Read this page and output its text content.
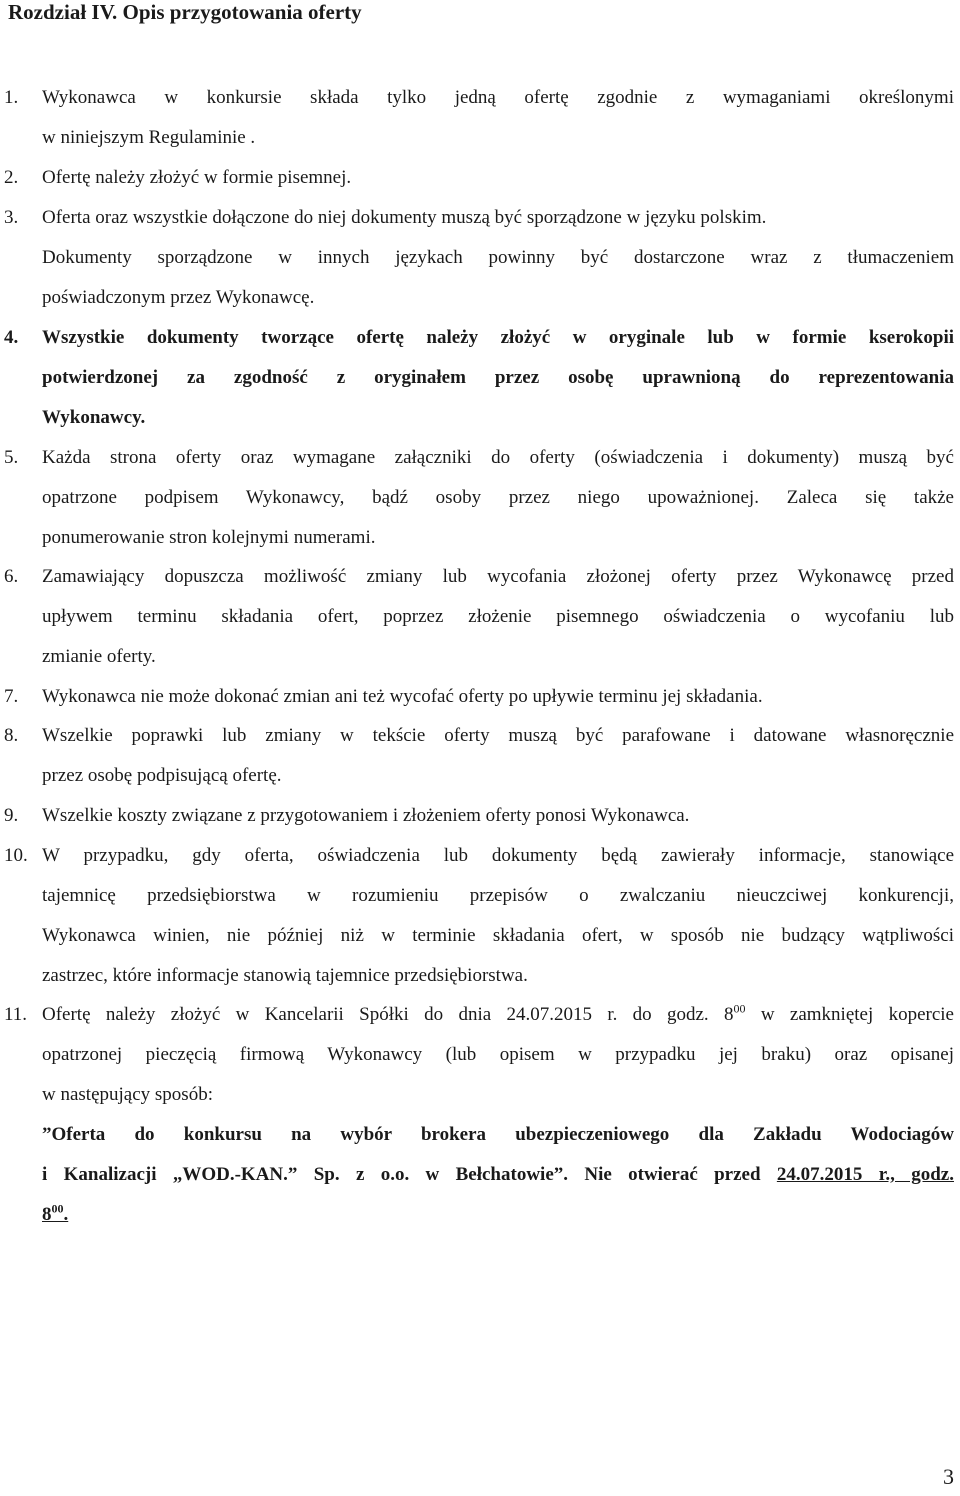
Rozdział IV. Opis przygotowania oferty
1. Wykonawca w konkursie składa tylko jedną ofertę zgodnie z wymaganiami określonymi
w niniejszym Regulaminie .
2. Ofertę należy złożyć w formie pisemnej.
3. Oferta oraz wszystkie dołączone do niej dokumenty muszą być sporządzone w języku polskim.
Dokumenty sporządzone w innych językach powinny być dostarczone wraz z tłumaczeniem
poświadczonym przez Wykonawcę.
4. Wszystkie dokumenty tworzące ofertę należy złożyć w oryginale lub w formie kserokopii
potwierdzonej za zgodność z oryginałem przez osobę uprawnioną do reprezentowania
Wykonawcy.
5. Każda strona oferty oraz wymagane załączniki do oferty (oświadczenia i dokumenty) muszą być
opatrzone podpisem Wykonawcy, bądź osoby przez niego upoważnionej. Zaleca się także
ponumerowanie stron kolejnymi numerami.
6. Zamawiający dopuszcza możliwość zmiany lub wycofania złożonej oferty przez Wykonawcę przed
upływem terminu składania ofert, poprzez złożenie pisemnego oświadczenia o wycofaniu lub
zmianie oferty.
7. Wykonawca nie może dokonać zmian ani też wycofać oferty po upływie terminu jej składania.
8. Wszelkie poprawki lub zmiany w tekście oferty muszą być parafowane i datowane własnoręcznie
przez osobę podpisującą ofertę.
9. Wszelkie koszty związane z przygotowaniem i złożeniem oferty ponosi Wykonawca.
10. W przypadku, gdy oferta, oświadczenia lub dokumenty będą zawierały informacje, stanowiące
tajemnicę przedsiębiorstwa w rozumieniu przepisów o zwalczaniu nieuczciwej konkurencji,
Wykonawca winien, nie później niż w terminie składania ofert, w sposób nie budzący wątpliwości
zastrzec, które informacje stanowią tajemnice przedsiębiorstwa.
11. Ofertę należy złożyć w Kancelarii Spółki do dnia 24.07.2015 r. do godz. $8^{00}$ w zamkniętej kopercie
opatrzonej pieczęcią firmową Wykonawcy (lub opisem w przypadku jej braku) oraz opisanej
w następujący sposób:
”Oferta do konkursu na wybór brokera ubezpieczeniowego dla Zakładu Wodociagów
i Kanalizacji „WOD.-KAN.” Sp. z o.o. w Bełchatowie”. Nie otwierać przed 24.07.2015 r., godz.
$8^{00}$.
3
